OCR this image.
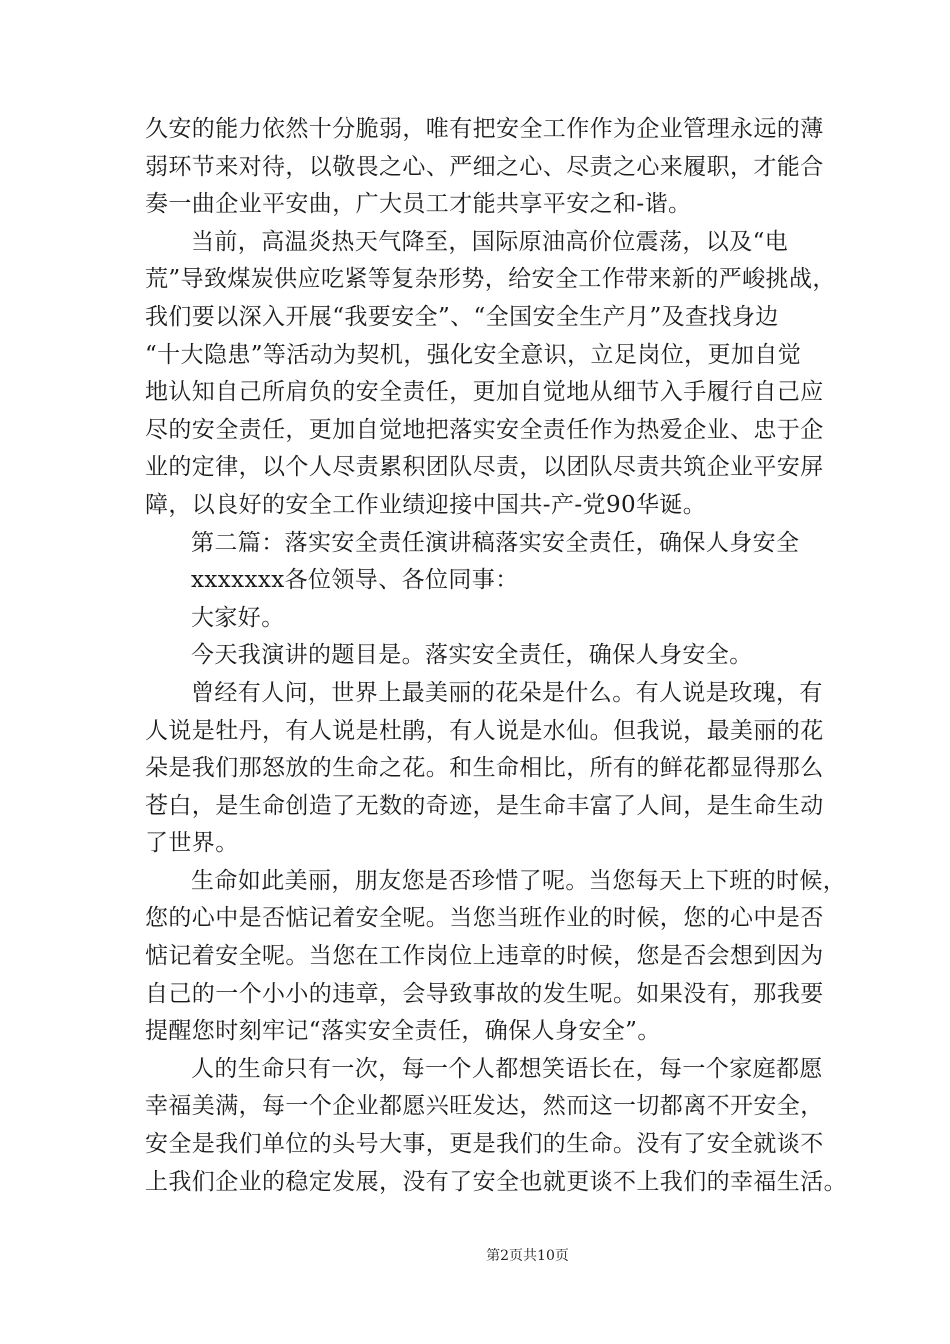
久安的能力依然十分脆弱，唯有把安全工作作为企业管理永远的薄
弱环节来对待，以敬畏之心、严细之心、尽责之心来履职，才能合
奏一曲企业平安曲，广大员工才能共享平安之和-谐。
当前，高温炎热天气降至，国际原油高价位震荡，以及“电
荒”导致煤炭供应吃紧等复杂形势，给安全工作带来新的严峻挑战，
我们要以深入开展“我要安全”、“全国安全生产月”及查找身边
“十大隐患”等活动为契机，强化安全意识，立足岗位，更加自觉
地认知自己所肩负的安全责任，更加自觉地从细节入手履行自己应
尽的安全责任，更加自觉地把落实安全责任作为热爱企业、忠于企
业的定律，以个人尽责累积团队尽责，以团队尽责共筑企业平安屏
障，以良好的安全工作业绩迎接中国共-产-党90华诞。
第二篇：落实安全责任演讲稿落实安全责任，确保人身安全
xxxxxxx各位领导、各位同事：
大家好。
今天我演讲的题目是。落实安全责任，确保人身安全。
曾经有人问，世界上最美丽的花朵是什么。有人说是玫瑰，有
人说是牡丹，有人说是杜鹃，有人说是水仙。但我说，最美丽的花
朵是我们那怒放的生命之花。和生命相比，所有的鲜花都显得那么
苍白，是生命创造了无数的奇迹，是生命丰富了人间，是生命生动
了世界。
生命如此美丽，朋友您是否珍惜了呢。当您每天上下班的时候，
您的心中是否惦记着安全呢。当您当班作业的时候，您的心中是否
惦记着安全呢。当您在工作岗位上违章的时候，您是否会想到因为
自己的一个小小的违章，会导致事故的发生呢。如果没有，那我要
提醒您时刻牢记“落实安全责任，确保人身安全”。
人的生命只有一次，每一个人都想笑语长在，每一个家庭都愿
幸福美满，每一个企业都愿兴旺发达，然而这一切都离不开安全，
安全是我们单位的头号大事，更是我们的生命。没有了安全就谈不
上我们企业的稳定发展，没有了安全也就更谈不上我们的幸福生活。
第2页共10页
